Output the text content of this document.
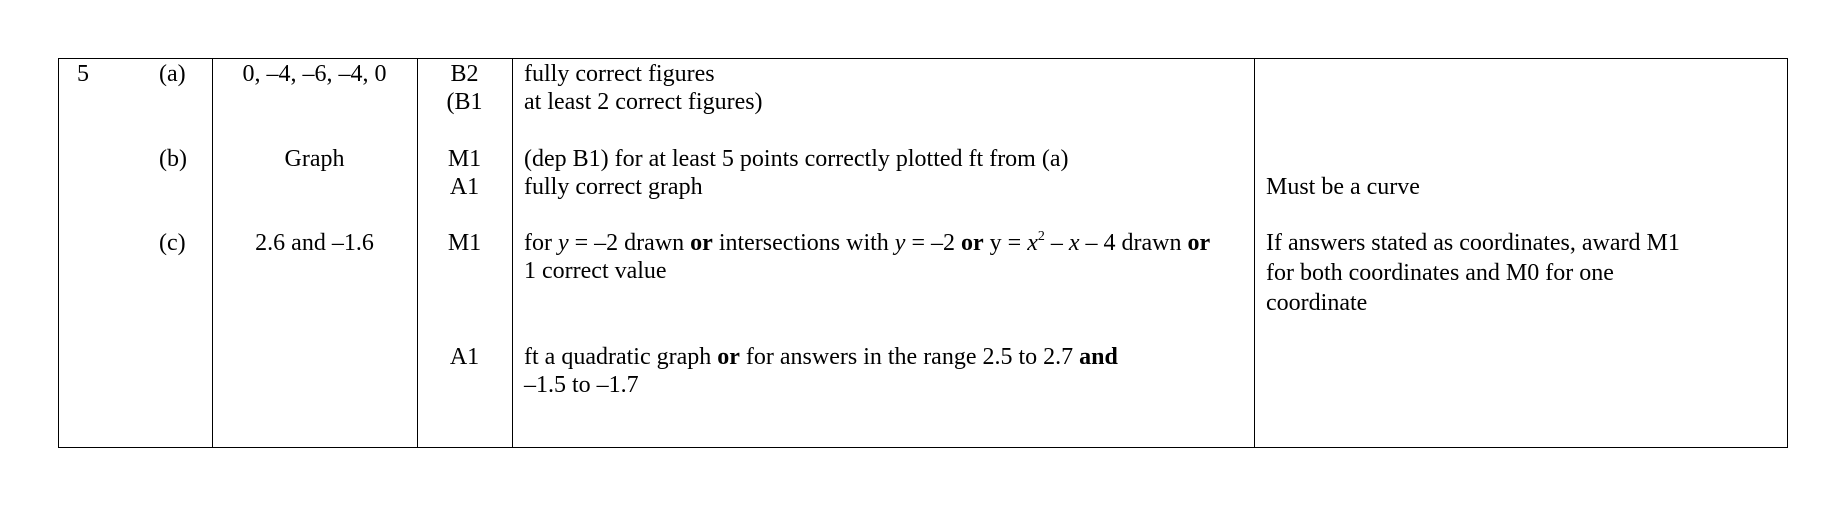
5	(a)
(b)
(c)
0, –4, –6, –4, 0
Graph
2.6 and –1.6
B2
(B1
M1
A1
M1
A1
fully correct figures
at least 2 correct figures)
(dep B1) for at least 5 points correctly plotted ft from (a)
fully correct graph
for y = –2 drawn or intersections with y = –2 or $y = x^2 - x - 4$ drawn or
1 correct value
ft a quadratic graph or for answers in the range 2.5 to 2.7 and
–1.5 to –1.7
Must be a curve
If answers stated as coordinates, award M1 for both coordinates and M0 for one coordinate
